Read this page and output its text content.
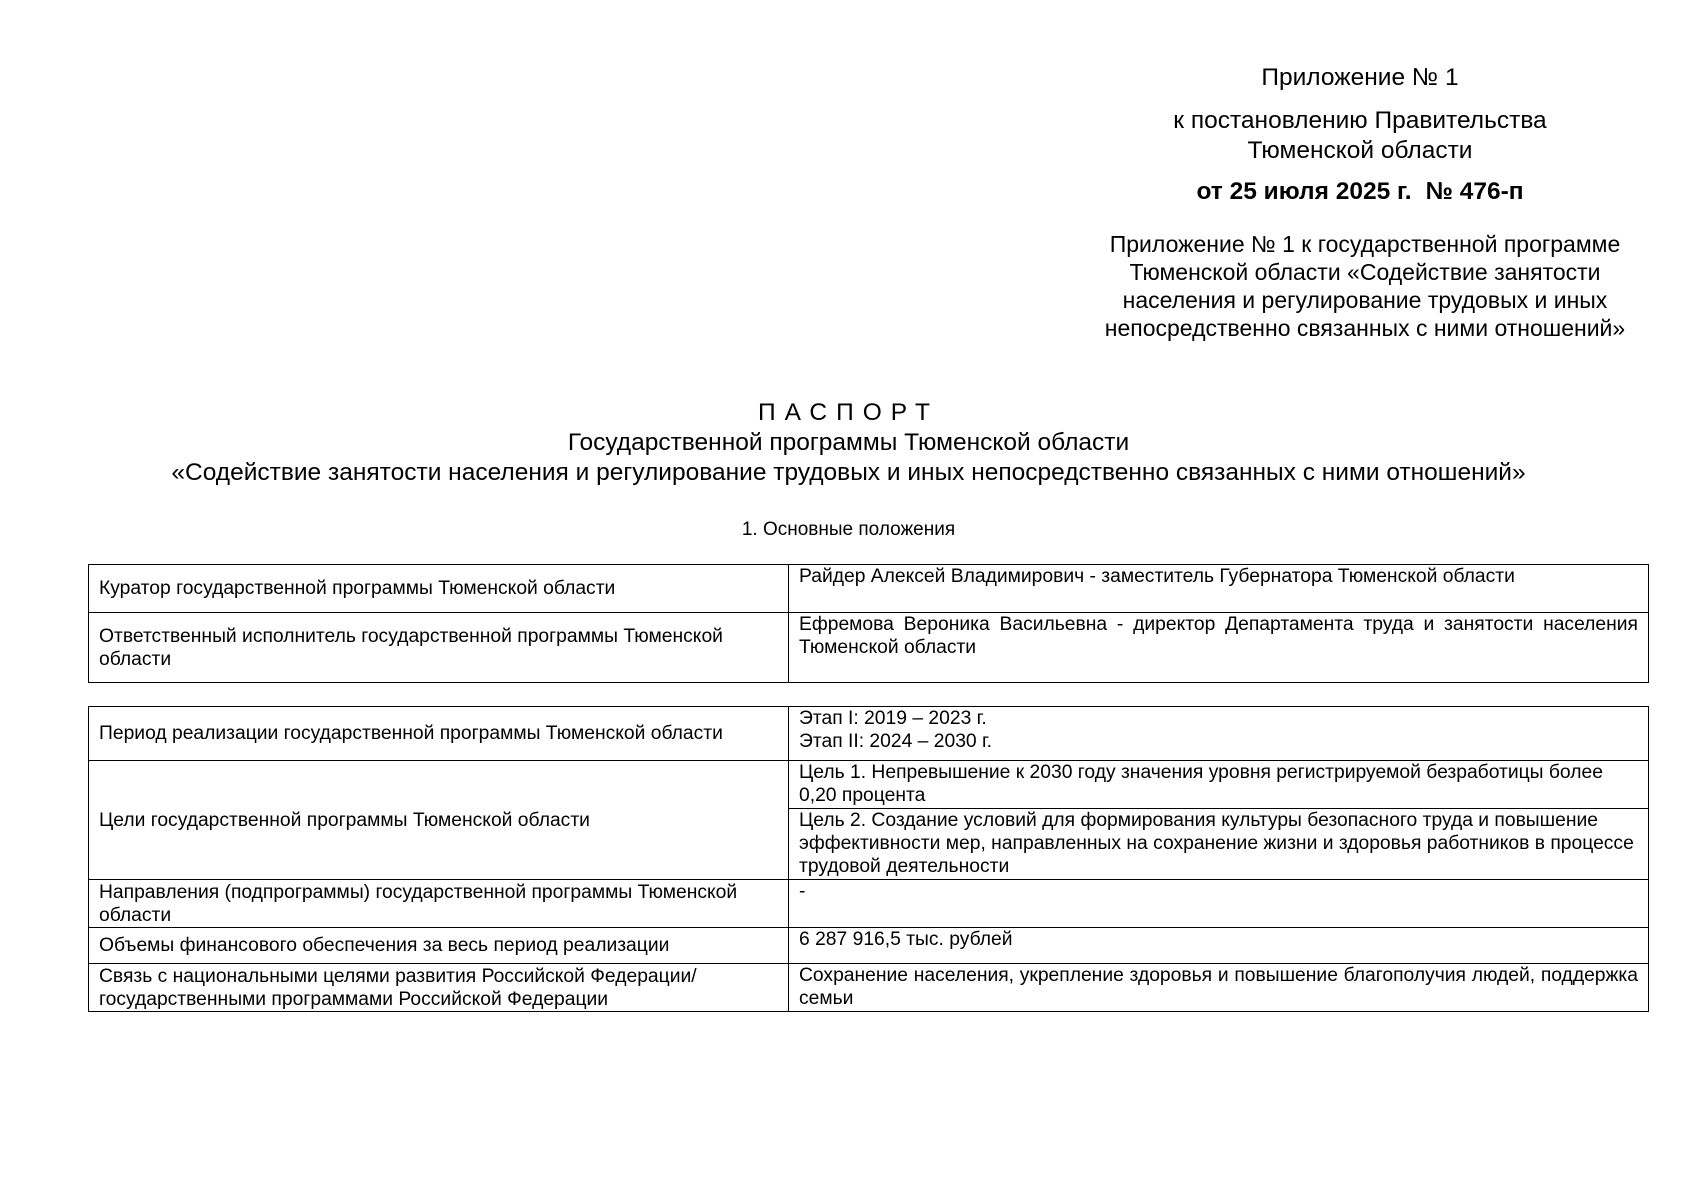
Приложение № 1
к постановлению Правительства
Тюменской области
от 25 июля 2025 г. № 476-п
Приложение № 1 к государственной программе
Тюменской области «Содействие занятости
населения и регулирование трудовых и иных
непосредственно связанных с ними отношений»
ПАСПОРТ
Государственной программы Тюменской области
«Содействие занятости населения и регулирование трудовых и иных непосредственно связанных с ними отношений»
1. Основные положения
Куратор государственной программы Тюменской области	Райдер Алексей Владимирович - заместитель Губернатора Тюменской области
Ответственный исполнитель государственной программы Тюменской области	Ефремова Вероника Васильевна - директор Департамента труда и занятости населения Тюменской области
Период реализации государственной программы Тюменской области	Этап I: 2019 – 2023 г.
Этап II: 2024 – 2030 г.

Цели государственной программы Тюменской области	Цель 1. Непревышение к 2030 году значения уровня регистрируемой безработицы более 0,20 процента
	Цель 2. Создание условий для формирования культуры безопасного труда и повышение эффективности мер, направленных на сохранение жизни и здоровья работников в процессе трудовой деятельности
Направления (подпрограммы) государственной программы Тюменской области	-
Объемы финансового обеспечения за весь период реализации	6 287 916,5 тыс. рублей
Связь с национальными целями развития Российской Федерации/ государственными программами Российской Федерации	Сохранение населения, укрепление здоровья и повышение благополучия людей, поддержка семьи
